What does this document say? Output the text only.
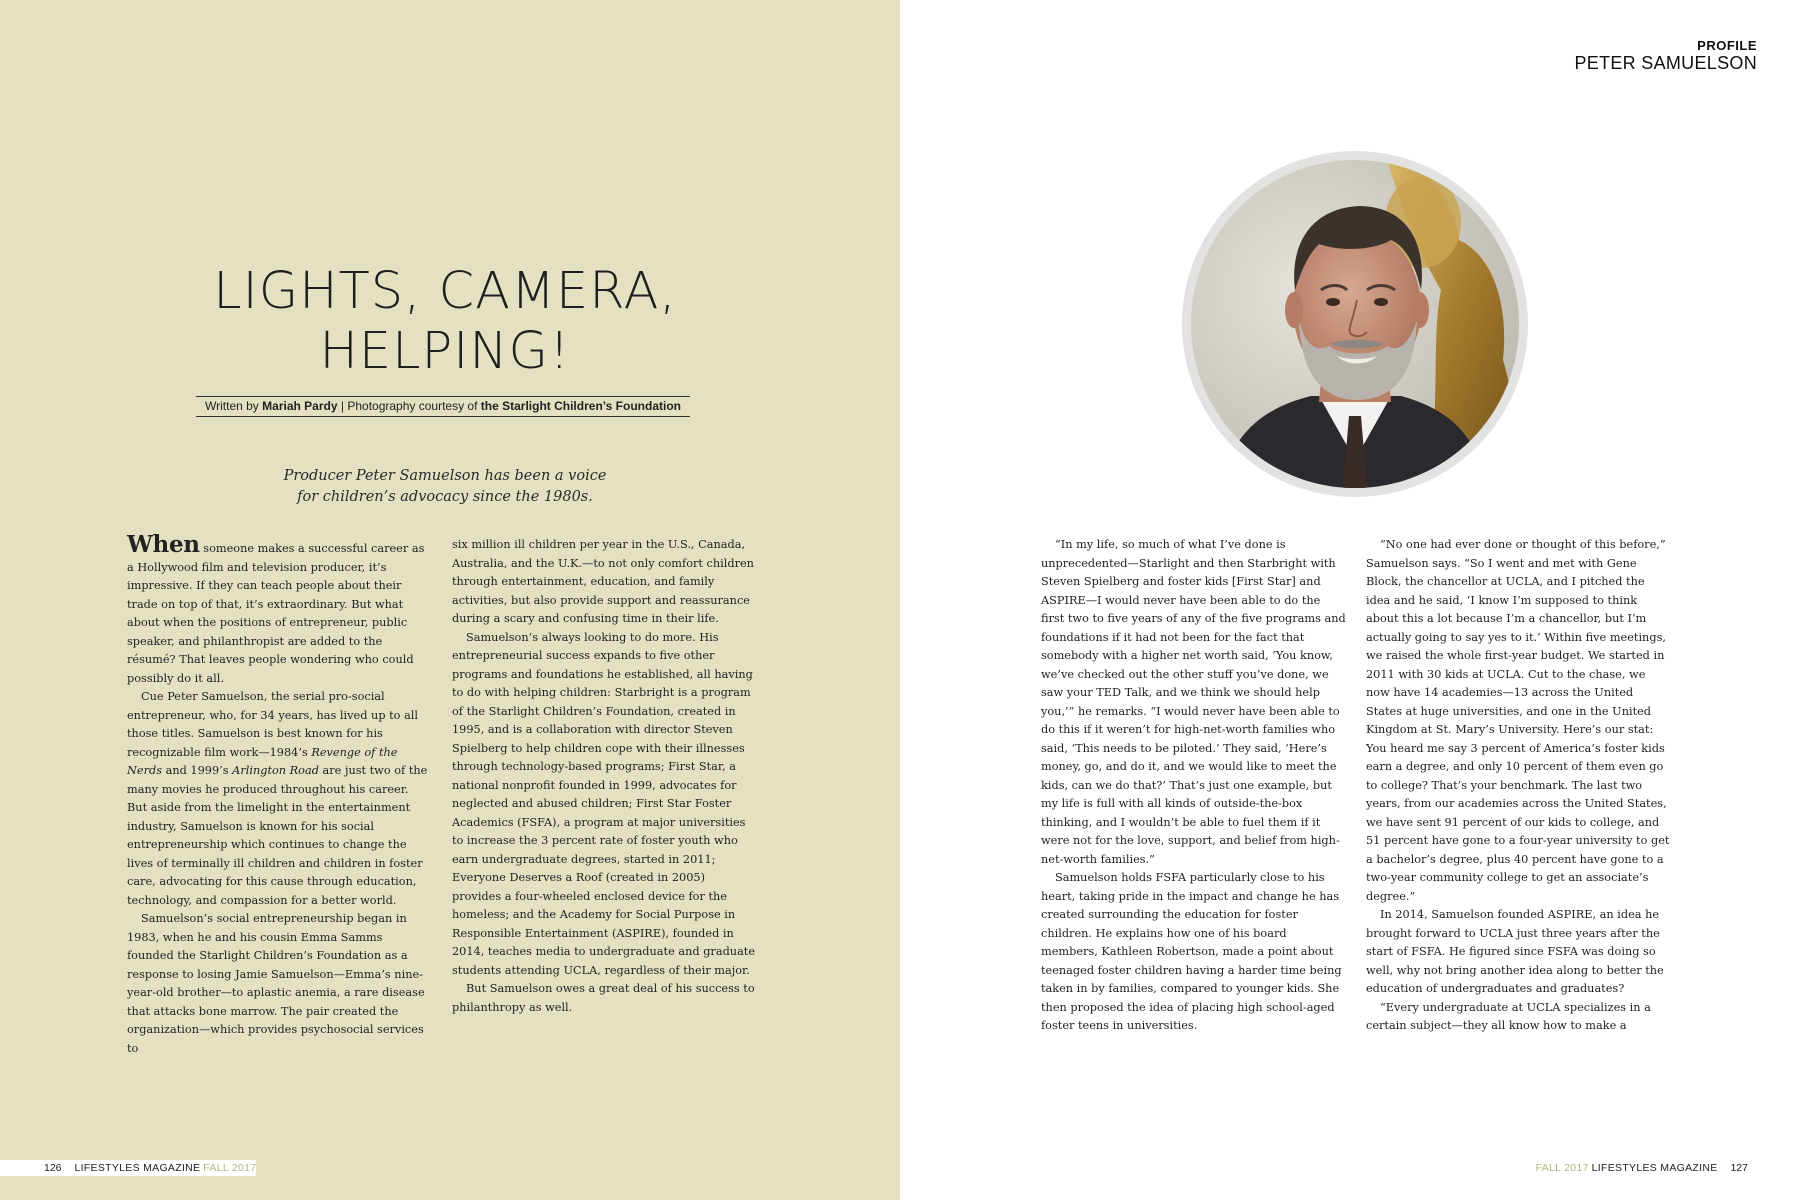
LIGHTS, CAMERA,
HELPING!
Written by Mariah Pardy | Photography courtesy of the Starlight Children’s Foundation
Producer Peter Samuelson has been a voice
for children’s advocacy since the 1980s.

When someone makes a successful career as a Hollywood film and television producer, it’s impressive. If they can teach people about their trade on top of that, it’s extraordinary. But what about when the positions of entrepreneur, public speaker, and philanthropist are added to the résumé? That leaves people wondering who could possibly do it all.

Cue Peter Samuelson, the serial pro-social entrepreneur, who, for 34 years, has lived up to all those titles. Samuelson is best known for his recognizable film work—1984’s Revenge of the Nerds and 1999’s Arlington Road are just two of the many movies he produced throughout his career. But aside from the limelight in the entertainment industry, Samuelson is known for his social entrepreneurship which continues to change the lives of terminally ill children and children in foster care, advocating for this cause through education, technology, and compassion for a better world.

Samuelson’s social entrepreneurship began in 1983, when he and his cousin Emma Samms founded the Starlight Children’s Foundation as a response to losing Jamie Samuelson—Emma’s nine-year-old brother—to aplastic anemia, a rare disease that attacks bone marrow. The pair created the organization—which provides psychosocial services to

six million ill children per year in the U.S., Canada, Australia, and the U.K.—to not only comfort children through entertainment, education, and family activities, but also provide support and reassurance during a scary and confusing time in their life.

Samuelson’s always looking to do more. His entrepreneurial success expands to five other programs and foundations he established, all having to do with helping children: Starbright is a program of the Starlight Children’s Foundation, created in 1995, and is a collaboration with director Steven Spielberg to help children cope with their illnesses through technology-based programs; First Star, a national nonprofit founded in 1999, advocates for neglected and abused children; First Star Foster Academics (FSFA), a program at major universities to increase the 3 percent rate of foster youth who earn undergraduate degrees, started in 2011; Everyone Deserves a Roof (created in 2005) provides a four-wheeled enclosed device for the homeless; and the Academy for Social Purpose in Responsible Entertainment (ASPIRE), founded in 2014, teaches media to undergraduate and graduate students attending UCLA, regardless of their major.

But Samuelson owes a great deal of his success to philanthropy as well.

126 LIFESTYLES MAGAZINE FALL 2017
PROFILE
PETER SAMUELSON

“In my life, so much of what I’ve done is unprecedented—Starlight and then Starbright with Steven Spielberg and foster kids [First Star] and ASPIRE—I would never have been able to do the first two to five years of any of the five programs and foundations if it had not been for the fact that somebody with a higher net worth said, ‘You know, we’ve checked out the other stuff you’ve done, we saw your TED Talk, and we think we should help you,’” he remarks. “I would never have been able to do this if it weren’t for high-net-worth families who said, ‘This needs to be piloted.’ They said, ‘Here’s money, go, and do it, and we would like to meet the kids, can we do that?’ That’s just one example, but my life is full with all kinds of outside-the-box thinking, and I wouldn’t be able to fuel them if it were not for the love, support, and belief from high-net-worth families.”

Samuelson holds FSFA particularly close to his heart, taking pride in the impact and change he has created surrounding the education for foster children. He explains how one of his board members, Kathleen Robertson, made a point about teenaged foster children having a harder time being taken in by families, compared to younger kids. She then proposed the idea of placing high school-aged foster teens in universities.

“No one had ever done or thought of this before,” Samuelson says. “So I went and met with Gene Block, the chancellor at UCLA, and I pitched the idea and he said, ‘I know I’m supposed to think about this a lot because I’m a chancellor, but I’m actually going to say yes to it.’ Within five meetings, we raised the whole first-year budget. We started in 2011 with 30 kids at UCLA. Cut to the chase, we now have 14 academies—13 across the United States at huge universities, and one in the United Kingdom at St. Mary’s University. Here’s our stat: You heard me say 3 percent of America’s foster kids earn a degree, and only 10 percent of them even go to college? That’s your benchmark. The last two years, from our academies across the United States, we have sent 91 percent of our kids to college, and 51 percent have gone to a four-year university to get a bachelor’s degree, plus 40 percent have gone to a two-year community college to get an associate’s degree.”

In 2014, Samuelson founded ASPIRE, an idea he brought forward to UCLA just three years after the start of FSFA. He figured since FSFA was doing so well, why not bring another idea along to better the education of undergraduates and graduates?

“Every undergraduate at UCLA specializes in a certain subject—they all know how to make a

FALL 2017 LIFESTYLES MAGAZINE 127
